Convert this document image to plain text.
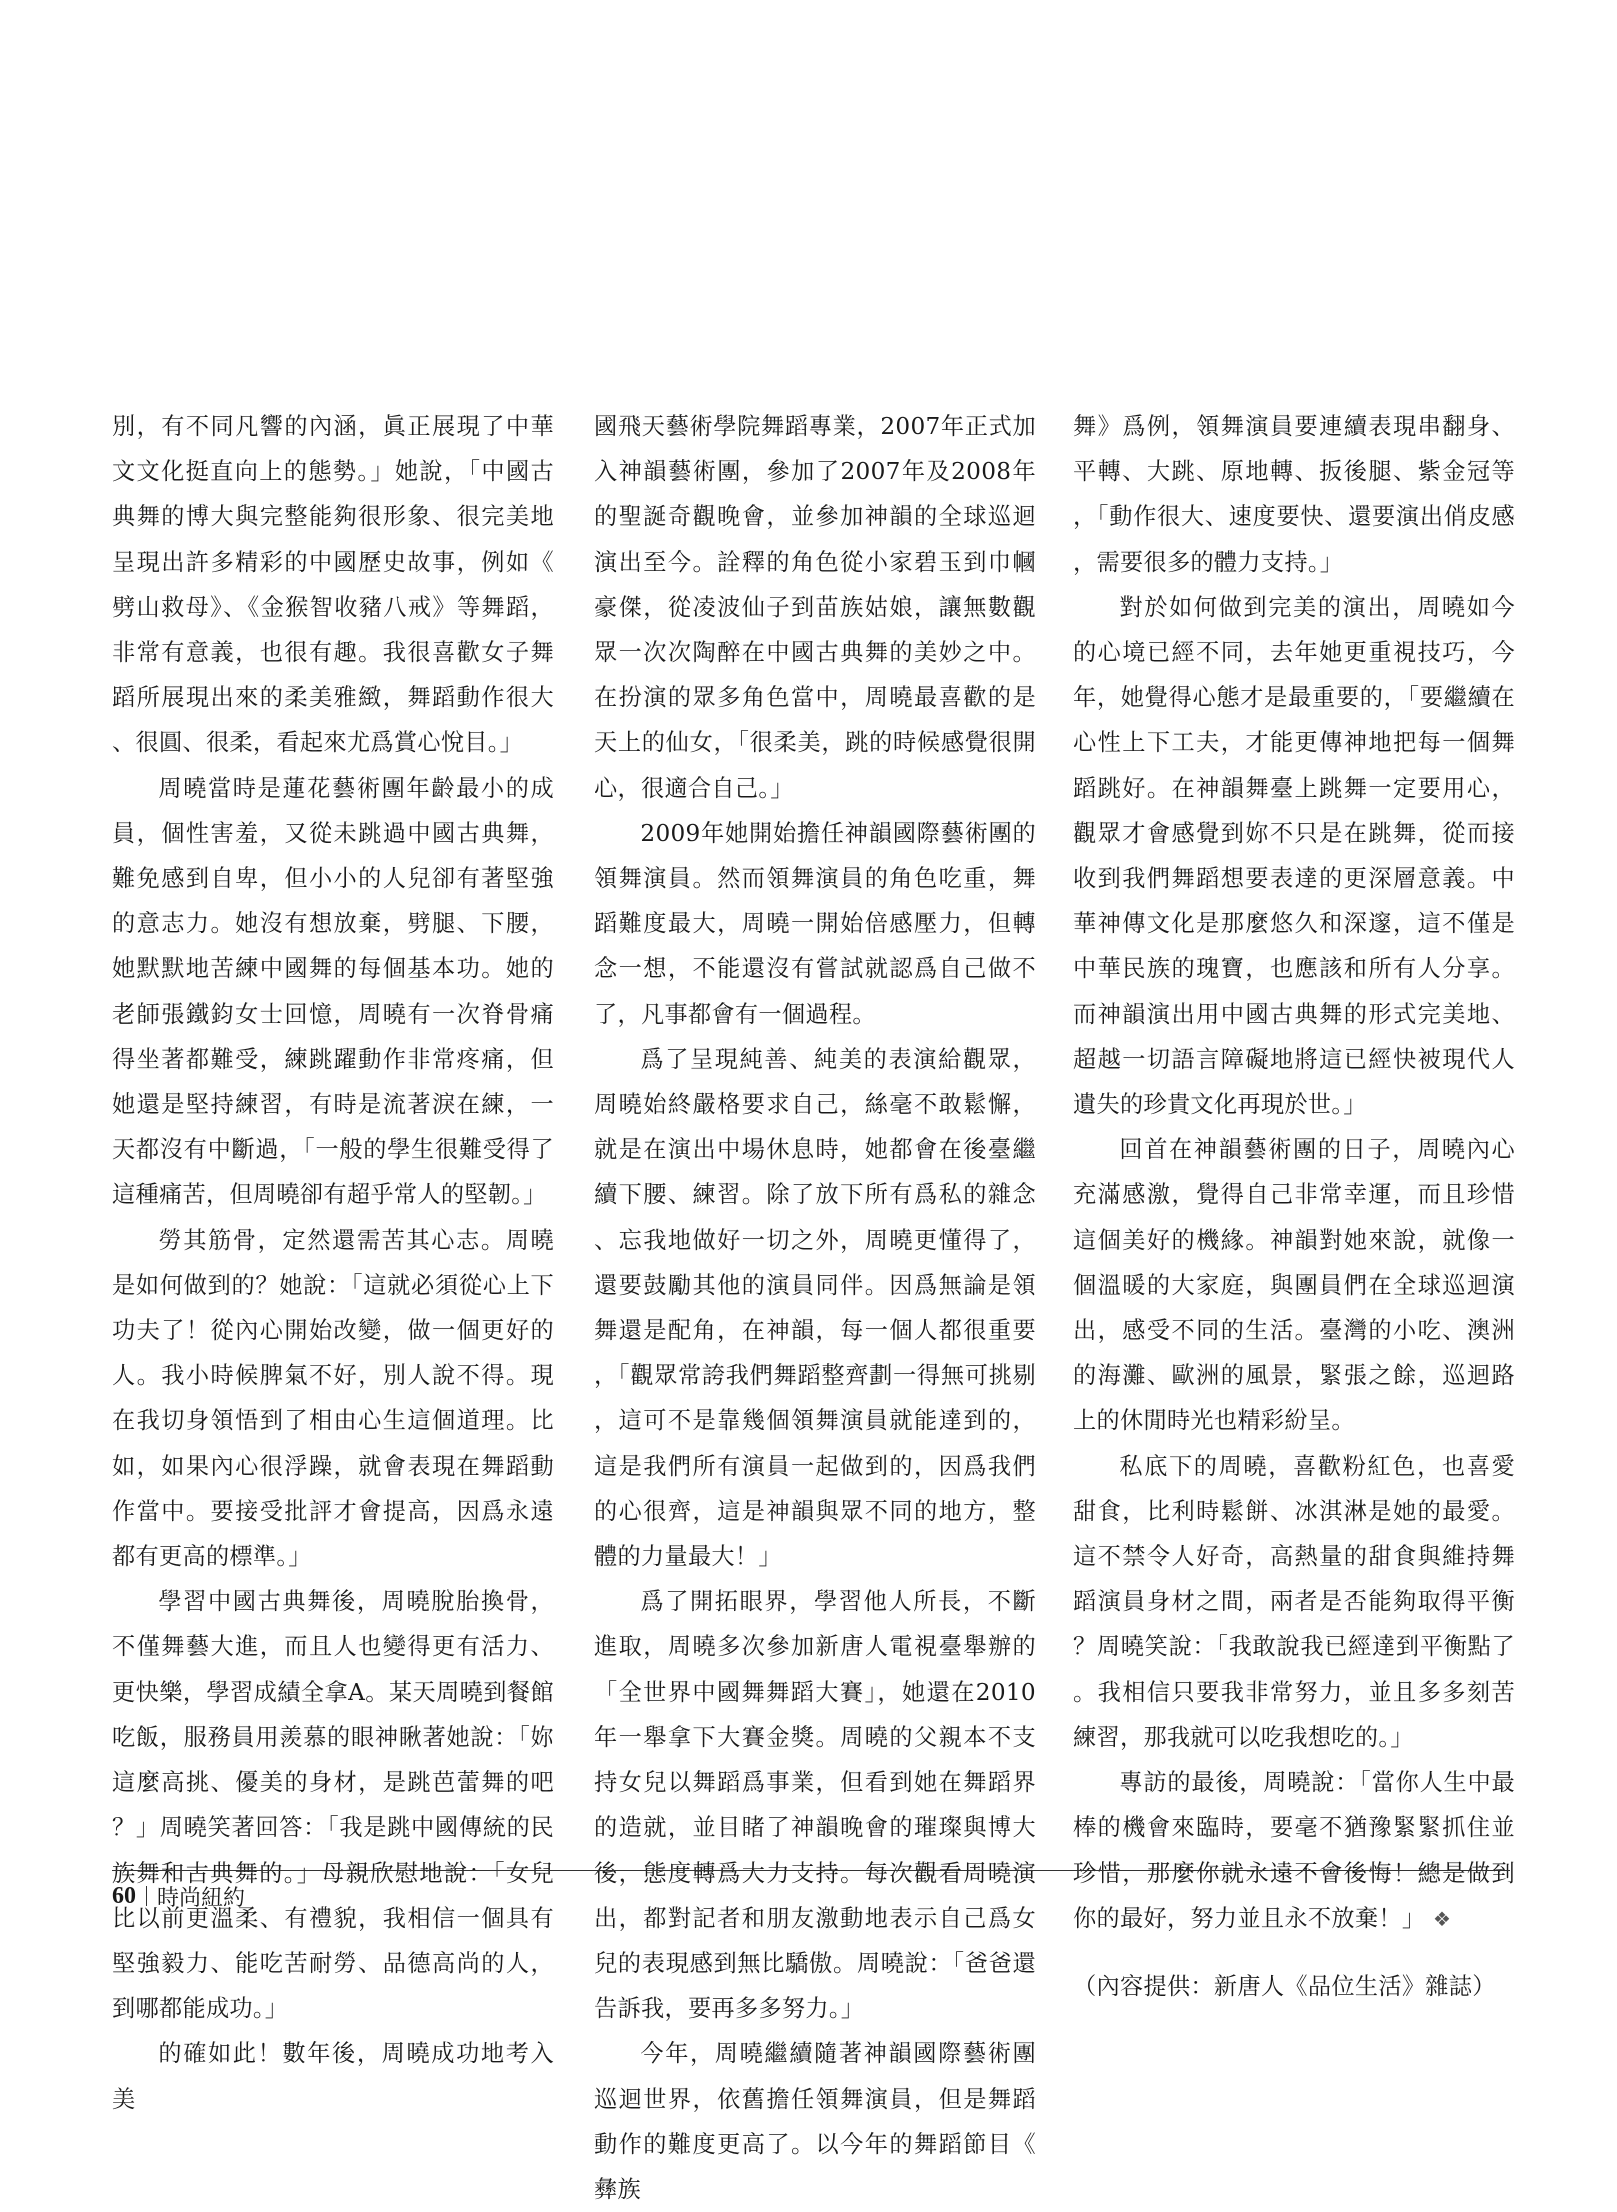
別，有不同凡響的內涵，眞正展現了中華文文化挺直向上的態勢。」她說，「中國古典舞的博大與完整能夠很形象、很完美地呈現出許多精彩的中國歷史故事，例如《劈山救母》、《金猴智收豬八戒》等舞蹈，非常有意義，也很有趣。我很喜歡女子舞蹈所展現出來的柔美雅緻，舞蹈動作很大、很圓、很柔，看起來尤爲賞心悅目。」

周曉當時是蓮花藝術團年齡最小的成員，個性害羞，又從未跳過中國古典舞，難免感到自卑，但小小的人兒卻有著堅強的意志力。她沒有想放棄，劈腿、下腰，她默默地苦練中國舞的每個基本功。她的老師張鐵鈞女士回憶，周曉有一次脊骨痛得坐著都難受，練跳躍動作非常疼痛，但她還是堅持練習，有時是流著淚在練，一天都沒有中斷過，「一般的學生很難受得了這種痛苦，但周曉卻有超乎常人的堅韌。」

勞其筋骨，定然還需苦其心志。周曉是如何做到的？她說：「這就必須從心上下功夫了！從內心開始改變，做一個更好的人。我小時候脾氣不好，別人說不得。現在我切身領悟到了相由心生這個道理。比如，如果內心很浮躁，就會表現在舞蹈動作當中。要接受批評才會提高，因爲永遠都有更高的標準。」

學習中國古典舞後，周曉脫胎換骨，不僅舞藝大進，而且人也變得更有活力、更快樂，學習成績全拿A。某天周曉到餐館吃飯，服務員用羨慕的眼神瞅著她說：「妳這麼高挑、優美的身材，是跳芭蕾舞的吧？」周曉笑著回答：「我是跳中國傳統的民族舞和古典舞的。」母親欣慰地說：「女兒比以前更溫柔、有禮貌，我相信一個具有堅強毅力、能吃苦耐勞、品德高尚的人，到哪都能成功。」

的確如此！數年後，周曉成功地考入美

國飛天藝術學院舞蹈專業，2007年正式加入神韻藝術團，參加了2007年及2008年的聖誕奇觀晚會，並參加神韻的全球巡迴演出至今。詮釋的角色從小家碧玉到巾幗豪傑，從凌波仙子到苗族姑娘，讓無數觀眾一次次陶醉在中國古典舞的美妙之中。在扮演的眾多角色當中，周曉最喜歡的是天上的仙女，「很柔美，跳的時候感覺很開心，很適合自己。」

2009年她開始擔任神韻國際藝術團的領舞演員。然而領舞演員的角色吃重，舞蹈難度最大，周曉一開始倍感壓力，但轉念一想，不能還沒有嘗試就認爲自己做不了，凡事都會有一個過程。

爲了呈現純善、純美的表演給觀眾，周曉始終嚴格要求自己，絲毫不敢鬆懈，就是在演出中場休息時，她都會在後臺繼續下腰、練習。除了放下所有爲私的雜念、忘我地做好一切之外，周曉更懂得了，還要鼓勵其他的演員同伴。因爲無論是領舞還是配角，在神韻，每一個人都很重要，「觀眾常誇我們舞蹈整齊劃一得無可挑剔，這可不是靠幾個領舞演員就能達到的，這是我們所有演員一起做到的，因爲我們的心很齊，這是神韻與眾不同的地方，整體的力量最大！」

爲了開拓眼界，學習他人所長，不斷進取，周曉多次參加新唐人電視臺舉辦的「全世界中國舞舞蹈大賽」，她還在2010年一舉拿下大賽金獎。周曉的父親本不支持女兒以舞蹈爲事業，但看到她在舞蹈界的造就，並目睹了神韻晚會的璀璨與博大後，態度轉爲大力支持。每次觀看周曉演出，都對記者和朋友激動地表示自己爲女兒的表現感到無比驕傲。周曉說：「爸爸還告訴我，要再多多努力。」

今年，周曉繼續隨著神韻國際藝術團巡迴世界，依舊擔任領舞演員，但是舞蹈動作的難度更高了。以今年的舞蹈節目《彝族

舞》爲例，領舞演員要連續表現串翻身、平轉、大跳、原地轉、扳後腿、紫金冠等，「動作很大、速度要快、還要演出俏皮感，需要很多的體力支持。」

對於如何做到完美的演出，周曉如今的心境已經不同，去年她更重視技巧，今年，她覺得心態才是最重要的，「要繼續在心性上下工夫，才能更傳神地把每一個舞蹈跳好。在神韻舞臺上跳舞一定要用心，觀眾才會感覺到妳不只是在跳舞，從而接收到我們舞蹈想要表達的更深層意義。中華神傳文化是那麼悠久和深邃，這不僅是中華民族的瑰寶，也應該和所有人分享。而神韻演出用中國古典舞的形式完美地、超越一切語言障礙地將這已經快被現代人遺失的珍貴文化再現於世。」

回首在神韻藝術團的日子，周曉內心充滿感激，覺得自己非常幸運，而且珍惜這個美好的機緣。神韻對她來說，就像一個溫暖的大家庭，與團員們在全球巡迴演出，感受不同的生活。臺灣的小吃、澳洲的海灘、歐洲的風景，緊張之餘，巡迴路上的休閒時光也精彩紛呈。

私底下的周曉，喜歡粉紅色，也喜愛甜食，比利時鬆餅、冰淇淋是她的最愛。這不禁令人好奇，高熱量的甜食與維持舞蹈演員身材之間，兩者是否能夠取得平衡？周曉笑說：「我敢說我已經達到平衡點了。我相信只要我非常努力，並且多多刻苦練習，那我就可以吃我想吃的。」

專訪的最後，周曉說：「當你人生中最棒的機會來臨時，要毫不猶豫緊緊抓住並珍惜，那麼你就永遠不會後悔！總是做到你的最好，努力並且永不放棄！」 ❖

（內容提供：新唐人《品位生活》雜誌）

60 時尚紐約
